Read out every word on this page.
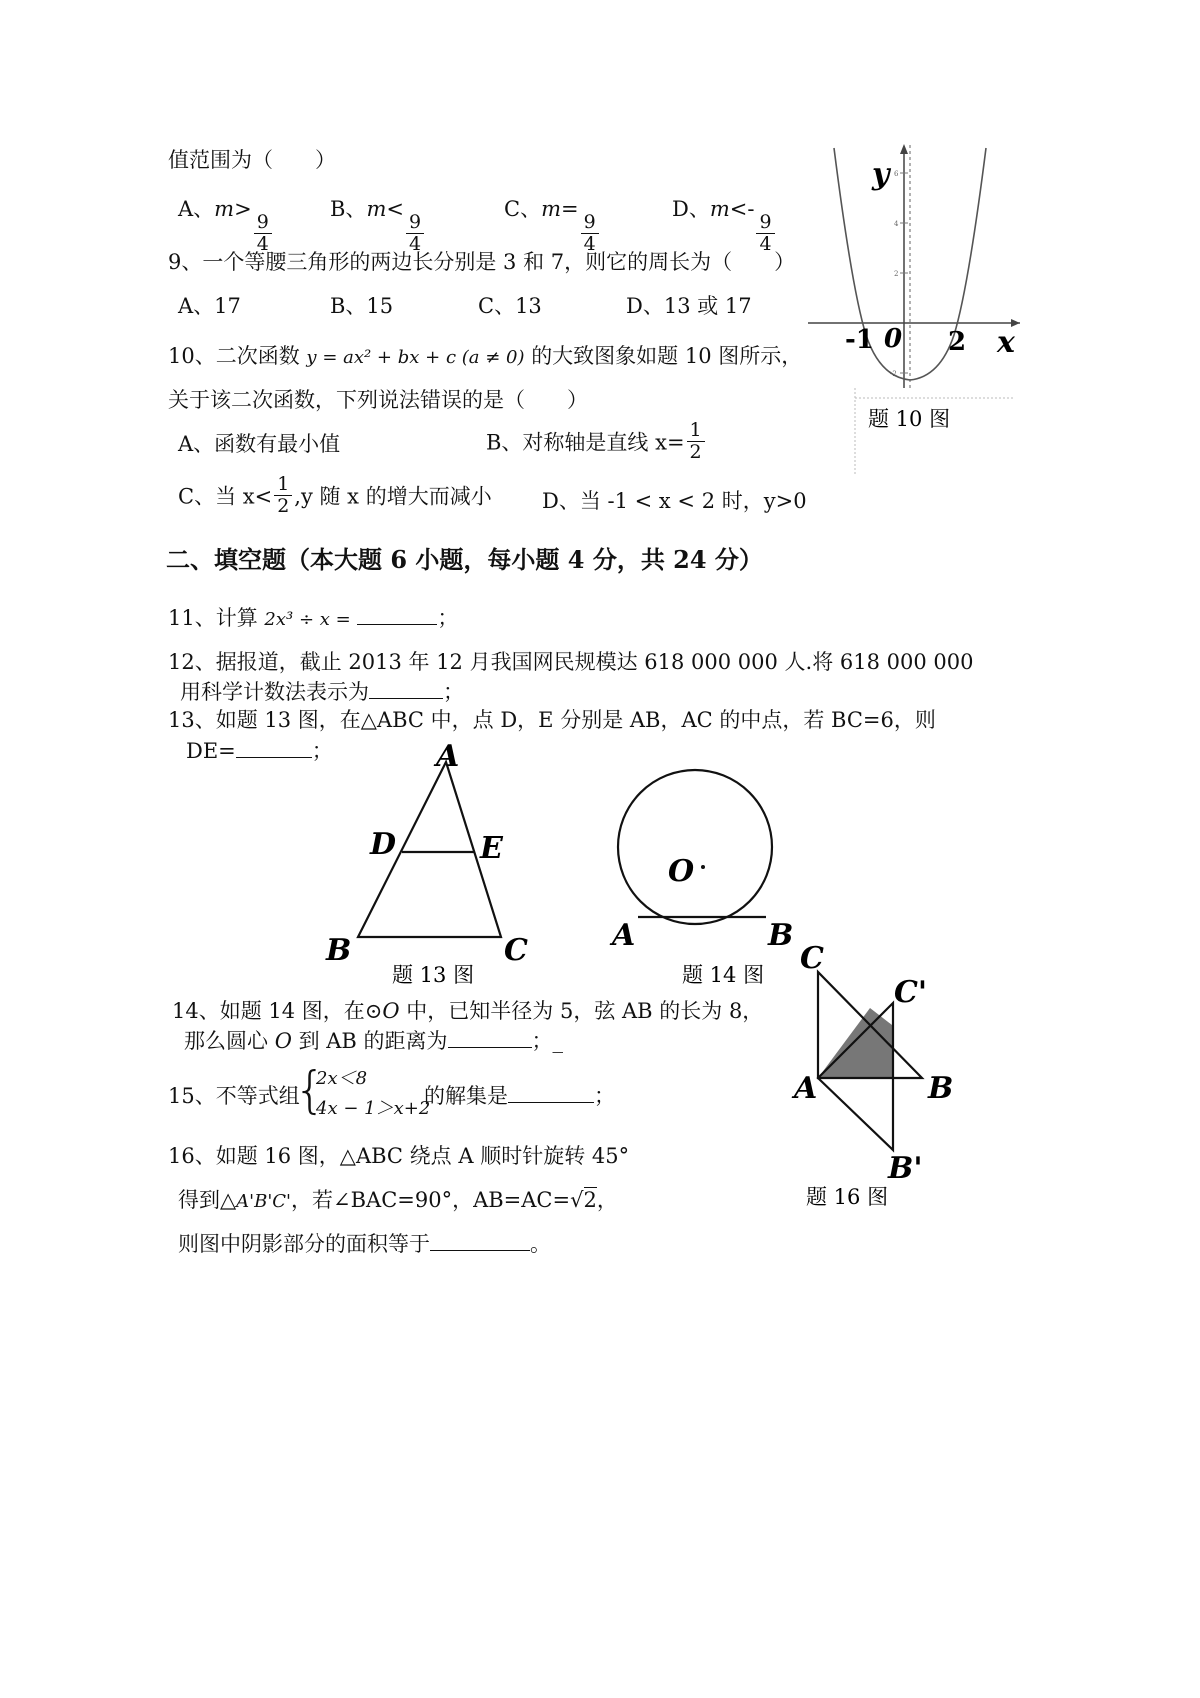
值范围为（　　）
A、m>
$\frac{9}{4}$
B、m<
$\frac{9}{4}$
C、m=
$\frac{9}{4}$
D、m<-
$\frac{9}{4}$
9、一个等腰三角形的两边长分别是 3 和 7，则它的周长为（　　）
A、17	B、15	C、13	D、13 或 17
10、二次函数 y = ax² + bx + c (a ≠ 0) 的大致图象如题 10 图所示，
关于该二次函数，下列说法错误的是（　　）
A、函数有最小值	B、对称轴是直线 $x= \frac{1}{2}$
C、当 $x< \frac{1}{2} ,y$ 随 x 的增大而减小 D、当 -1 < x < 2 时，y>0
6
4
2
-2
y
x
-1 0 2
题 10 图
二、填空题（本大题 6 小题，每小题 4 分，共 24 分）
11、计算 2x³ ÷ x =	；
12、据报道，截止 2013 年 12 月我国网民规模达 618 000 000 人.将 618 000 000
用科学计数法表示为	；
13、如题 13 图，在△ABC 中，点 D，E 分别是 AB，AC 的中点，若 BC=6，则
DE=	；	A
B	C
D	E
题 13 图
O
A	B
题 14 图
14、如题 14 图，在⊙O 中，已知半径为 5，弦 AB 的长为 8，
那么圆心 O 到 AB 的距离为	；_
15、不等式组
{
2x＜8
4x − 1＞x+2
的解集是	；
16、如题 16 图，△ABC 绕点 A 顺时针旋转 45°
得到△A'B'C'，若∠BAC=90°，AB=AC=√2，
则图中阴影部分的面积等于	。
C
C'
A	B
B'
题 16 图
